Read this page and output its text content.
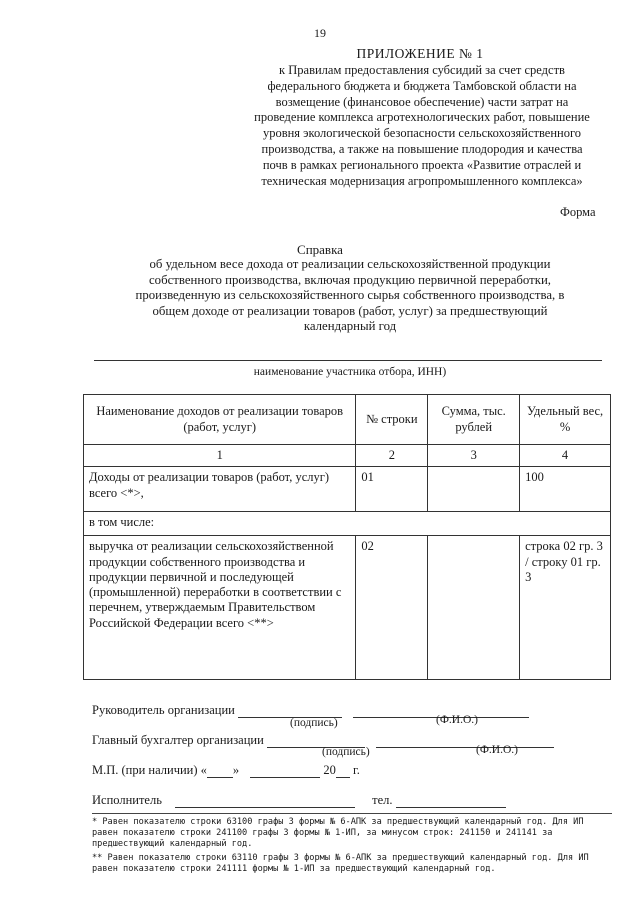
19
ПРИЛОЖЕНИЕ № 1
к Правилам предоставления субсидий за счет средств
федерального бюджета и бюджета Тамбовской области на
возмещение (финансовое обеспечение) части затрат на
проведение комплекса агротехнологических работ, повышение
уровня экологической безопасности сельскохозяйственного
производства, а также на повышение плодородия и качества
почв в рамках регионального проекта «Развитие отраслей и
техническая модернизация агропромышленного комплекса»
Форма
Справка
об удельном весе дохода от реализации сельскохозяйственной продукции
собственного производства, включая продукцию первичной переработки,
произведенную из сельскохозяйственного сырья собственного производства, в
общем доходе от реализации товаров (работ, услуг) за предшествующий
календарный год
наименование участника отбора, ИНН)
Наименование доходов от реализации товаров (работ, услуг)	№ строки	Сумма, тыс. рублей	Удельный вес, %
1	2	3	4
Доходы от реализации товаров (работ, услуг) всего <*>,	01		100
в том числе:			
выручка от реализации сельскохозяйственной продукции собственного производства и продукции первичной и последующей (промышленной) переработки в соответствии с перечнем, утверждаемым Правительством Российской Федерации всего <**>	02		строка 02 гр. 3 / строку 01 гр. 3
Руководитель организации
(подпись)	(Ф.И.О.)
Главный бухгалтер организации
(подпись)	(Ф.И.О.)
М.П. (при наличии) « »	20 г.
Исполнитель	тел.
* Равен показателю строки 63100 графы 3 формы № 6-АПК за предшествующий календарный год. Для ИП равен показателю строки 241100 графы 3 формы № 1-ИП, за минусом строк: 241150 и 241141 за предшествующий календарный год.
** Равен показателю строки 63110 графы 3 формы № 6-АПК за предшествующий календарный год. Для ИП равен показателю строки 241111 формы № 1-ИП за предшествующий календарный год.
